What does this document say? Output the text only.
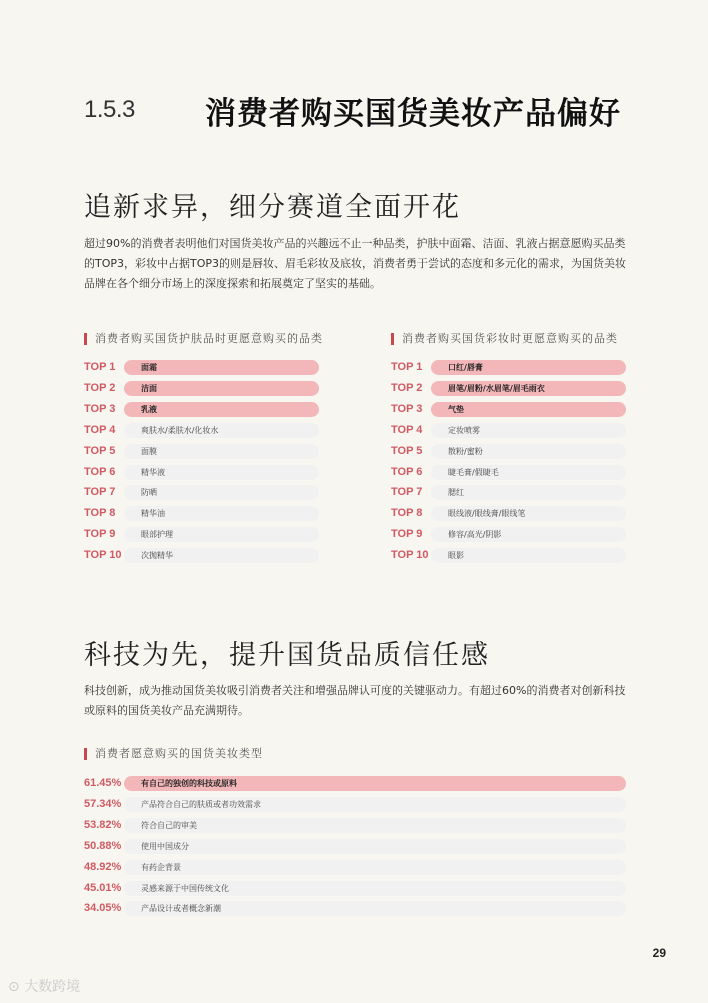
1.5.3 消费者购买国货美妆产品偏好
追新求异，细分赛道全面开花
超过90%的消费者表明他们对国货美妆产品的兴趣远不止一种品类，护肤中面霜、洁面、乳液占据意愿购买品类的TOP3，彩妆中占据TOP3的则是唇妆、眉毛彩妆及底妆，消费者勇于尝试的态度和多元化的需求，为国货美妆品牌在各个细分市场上的深度探索和拓展奠定了坚实的基础。
消费者购买国货护肤品时更愿意购买的品类
TOP 1	面霜
TOP 2	洁面
TOP 3	乳液
TOP 4	爽肤水/柔肤水/化妆水
TOP 5	面膜
TOP 6	精华液
TOP 7	防晒
TOP 8	精华油
TOP 9	眼部护理
TOP 10 次抛精华
消费者购买国货彩妆时更愿意购买的品类
TOP 1	口红/唇膏
TOP 2	眉笔/眉粉/水眉笔/眉毛雨衣
TOP 3	气垫
TOP 4	定妆喷雾
TOP 5	散粉/蜜粉
TOP 6	睫毛膏/假睫毛
TOP 7	腮红
TOP 8	眼线液/眼线膏/眼线笔
TOP 9	修容/高光/阴影
TOP 10 眼影
科技为先，提升国货品质信任感
科技创新，成为推动国货美妆吸引消费者关注和增强品牌认可度的关键驱动力。有超过60%的消费者对创新科技或原料的国货美妆产品充满期待。
消费者愿意购买的国货美妆类型
61.45% 有自己的独创的科技或原料
57.34% 产品符合自己的肤质或者功效需求
53.82% 符合自己的审美
50.88% 使用中国成分
48.92% 有药企背景
45.01% 灵感来源于中国传统文化
34.05% 产品设计或者概念新潮
29
⊙ 大数跨境
